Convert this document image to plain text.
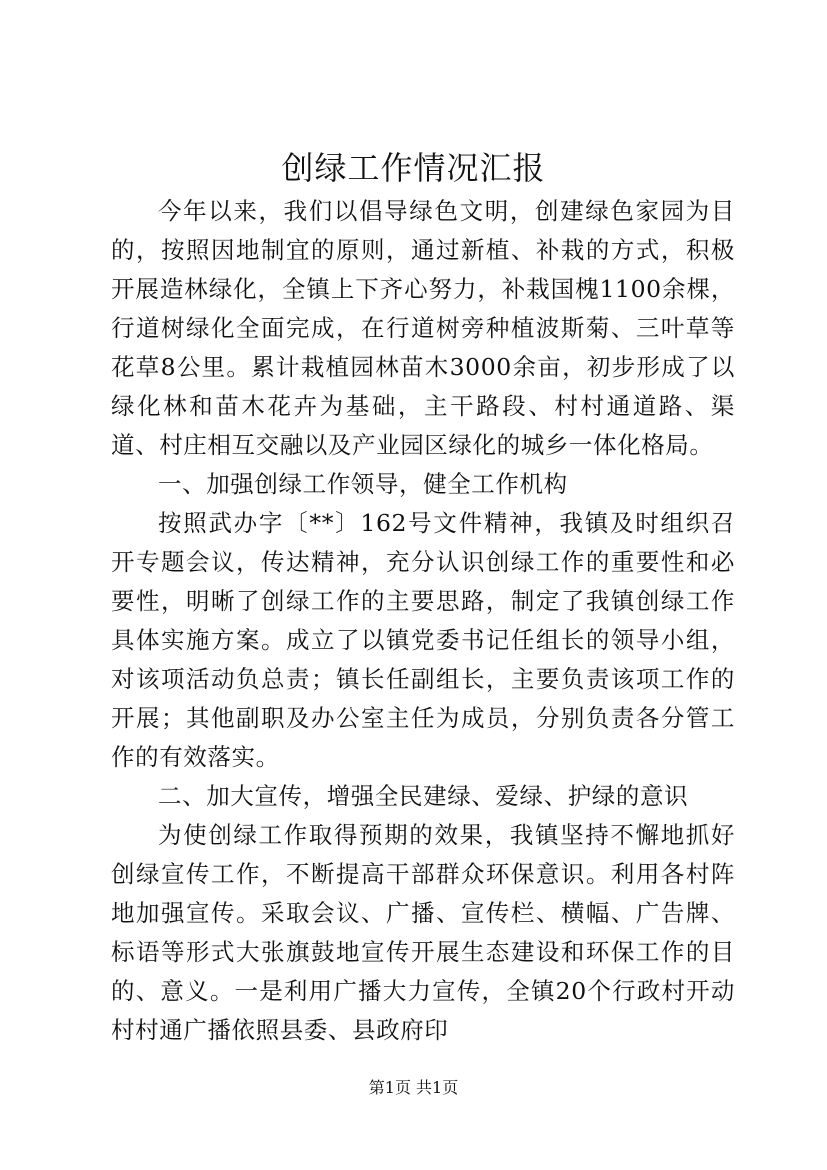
创绿工作情况汇报

今年以来，我们以倡导绿色文明，创建绿色家园为目的，按照因地制宜的原则，通过新植、补栽的方式，积极开展造林绿化，全镇上下齐心努力，补栽国槐1100余棵，行道树绿化全面完成，在行道树旁种植波斯菊、三叶草等花草8公里。累计栽植园林苗木3000余亩，初步形成了以绿化林和苗木花卉为基础，主干路段、村村通道路、渠道、村庄相互交融以及产业园区绿化的城乡一体化格局。

一、加强创绿工作领导，健全工作机构

按照武办字〔**〕162号文件精神，我镇及时组织召开专题会议，传达精神，充分认识创绿工作的重要性和必要性，明晰了创绿工作的主要思路，制定了我镇创绿工作具体实施方案。成立了以镇党委书记任组长的领导小组，对该项活动负总责；镇长任副组长，主要负责该项工作的开展；其他副职及办公室主任为成员，分别负责各分管工作的有效落实。

二、加大宣传，增强全民建绿、爱绿、护绿的意识

为使创绿工作取得预期的效果，我镇坚持不懈地抓好创绿宣传工作，不断提高干部群众环保意识。利用各村阵地加强宣传。采取会议、广播、宣传栏、横幅、广告牌、标语等形式大张旗鼓地宣传开展生态建设和环保工作的目的、意义。一是利用广播大力宣传，全镇20个行政村开动村村通广播依照县委、县政府印

第1页 共1页
